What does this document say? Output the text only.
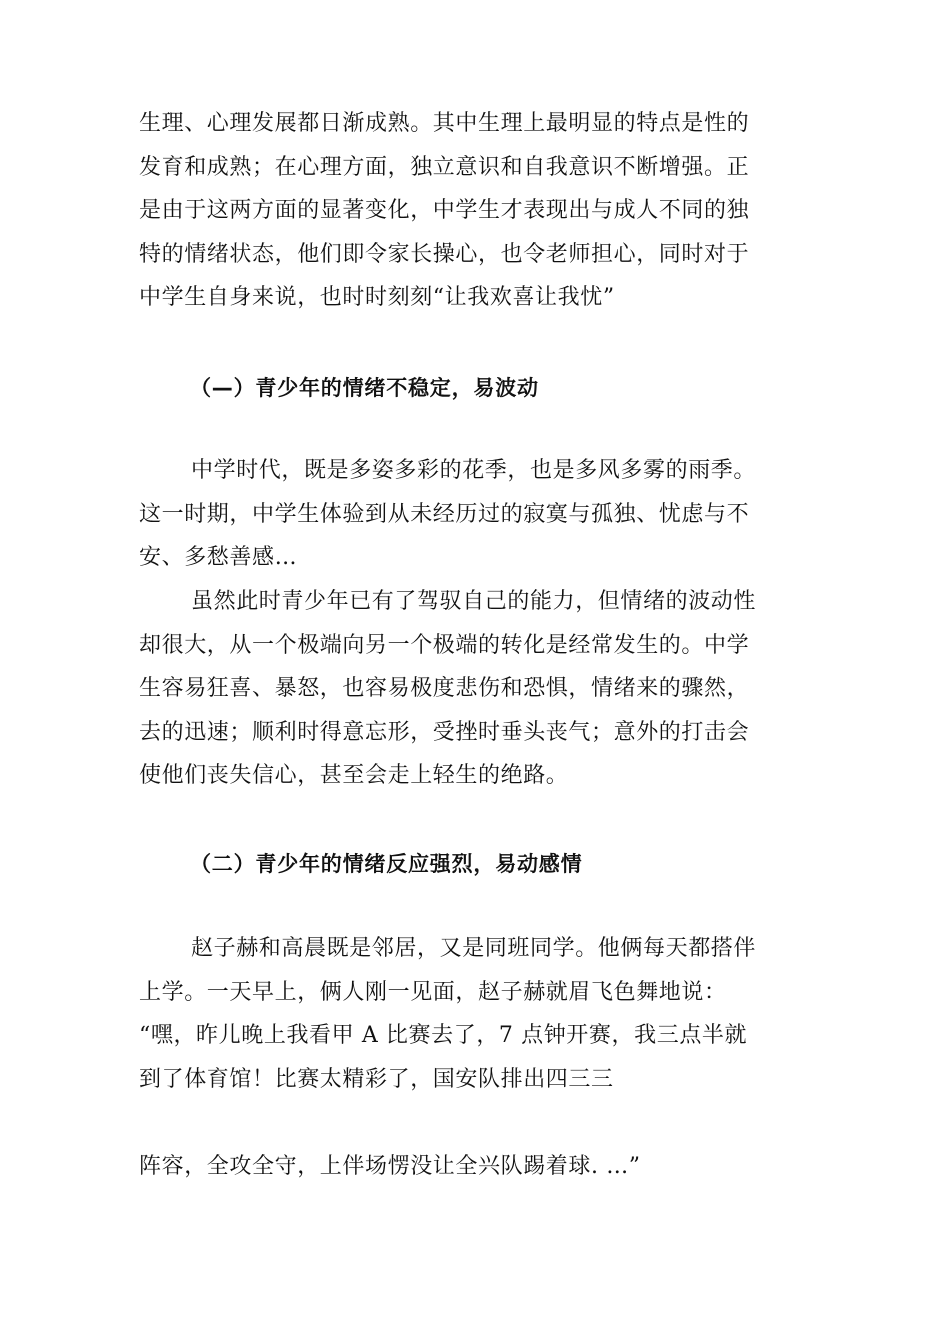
生理、心理发展都日渐成熟。其中生理上最明显的特点是性的
发育和成熟；在心理方面，独立意识和自我意识不断增强。正
是由于这两方面的显著变化，中学生才表现出与成人不同的独
特的情绪状态，他们即令家长操心，也令老师担心，同时对于
中学生自身来说，也时时刻刻“让我欢喜让我忧”

（—）青少年的情绪不稳定，易波动

中学时代，既是多姿多彩的花季，也是多风多雾的雨季。
这一时期，中学生体验到从未经历过的寂寞与孤独、忧虑与不
安、多愁善感…

虽然此时青少年已有了驾驭自己的能力，但情绪的波动性
却很大，从一个极端向另一个极端的转化是经常发生的。中学
生容易狂喜、暴怒，也容易极度悲伤和恐惧，情绪来的骤然，
去的迅速；顺利时得意忘形，受挫时垂头丧气；意外的打击会
使他们丧失信心，甚至会走上轻生的绝路。

（二）青少年的情绪反应强烈，易动感情

赵子赫和高晨既是邻居，又是同班同学。他俩每天都搭伴
上学。一天早上，俩人刚一见面，赵子赫就眉飞色舞地说：
“嘿，昨儿晚上我看甲 A 比赛去了，7 点钟开赛，我三点半就
到了体育馆！比赛太精彩了，国安队排出四三三

阵容，全攻全守，上伴场愣没让全兴队踢着球. …”
